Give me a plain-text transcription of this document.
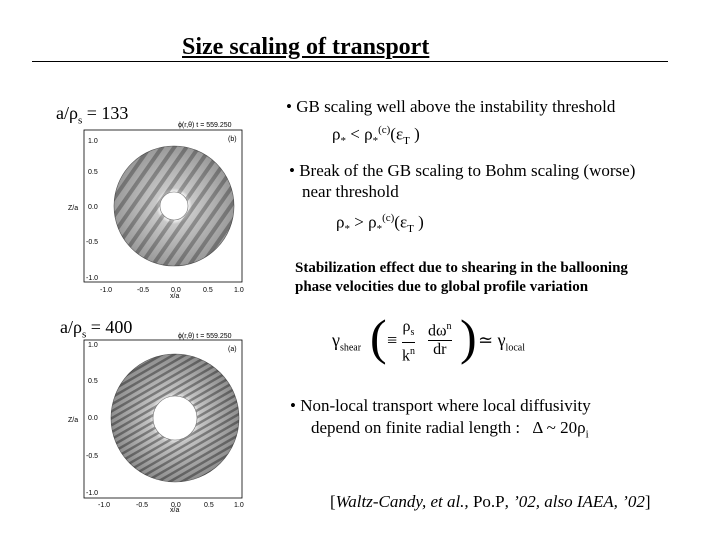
Size scaling of transport
$a/\rho_s = 133$
ϕ(r,θ) t = 559.250
(b)
1.0
0.5
0.0
-0.5
-1.0
Z/a
-1.0	-0.5	0.0	0.5	1.0
x/a
$a/\rho_s = 400$	ϕ(r,θ) t = 559.250
(a)
1.0
0.5
0.0
-0.5
-1.0
Z/a
-1.0	-0.5	0.0	0.5	1.0
x/a
• GB scaling well above the instability threshold
$\rho_* < \rho_*^{(c)}(\varepsilon_T$ )
• Break of the GB scaling to Bohm scaling (worse)
near threshold
$\rho_* > \rho_*^{(c)}(\varepsilon_T$ )
Stabilization effect due to shearing in the ballooning
phase velocities due to global profile variation
$\gamma_{shear}$ ( ≡
$\rho_s$
$k^n$
$d\omega^n$
dr ) ≃ $\gamma_{local}$
• Non-local transport where local diffusivity
depend on finite radial length : Δ ~ $20\rho_i$
[Waltz-Candy, et al., Po.P, ’02, also IAEA, ’02]
